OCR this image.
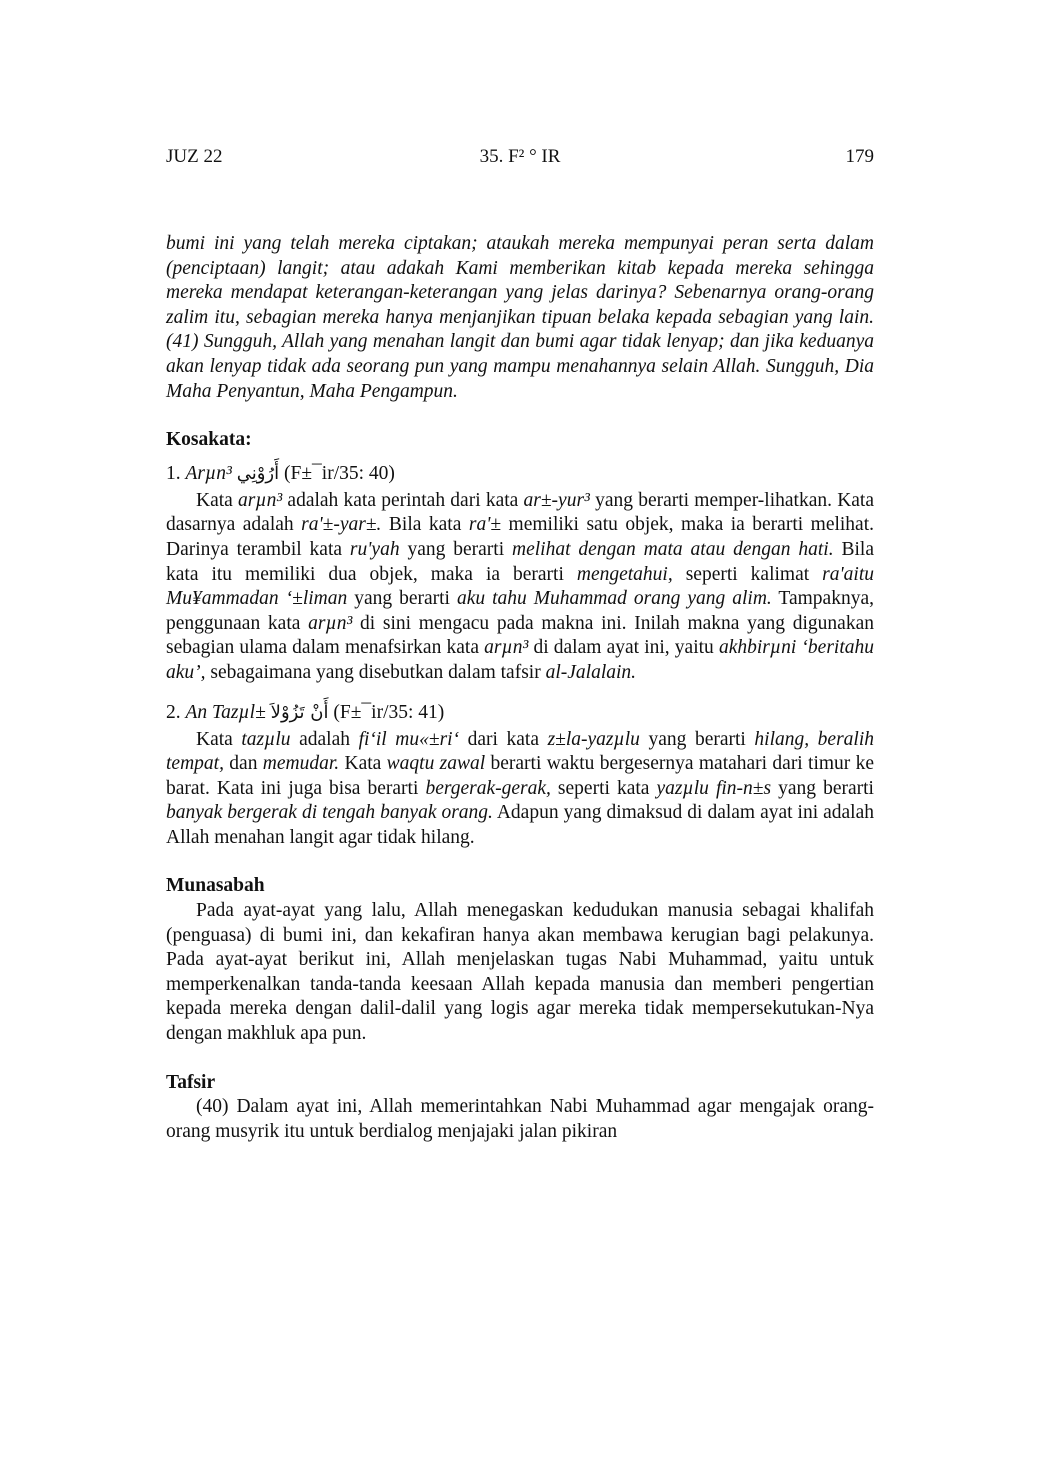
JUZ 22	35. F² ° IR	179

bumi ini yang telah mereka ciptakan; ataukah mereka mempunyai peran serta dalam (penciptaan) langit; atau adakah Kami memberikan kitab kepada mereka sehingga mereka mendapat keterangan-keterangan yang jelas darinya? Sebenarnya orang-orang zalim itu, sebagian mereka hanya menjanjikan tipuan belaka kepada sebagian yang lain. (41) Sungguh, Allah yang menahan langit dan bumi agar tidak lenyap; dan jika keduanya akan lenyap tidak ada seorang pun yang mampu menahannya selain Allah. Sungguh, Dia Maha Penyantun, Maha Pengampun.

Kosakata:

1. Arµn³ أَرُوْنِي (F±¯ir/35: 40)

Kata arµn³ adalah kata perintah dari kata ar±-yur³ yang berarti memper-lihatkan. Kata dasarnya adalah ra'±-yar±. Bila kata ra'± memiliki satu objek, maka ia berarti melihat. Darinya terambil kata ru'yah yang berarti melihat dengan mata atau dengan hati. Bila kata itu memiliki dua objek, maka ia berarti mengetahui, seperti kalimat ra'aitu Mu¥ammadan ‘±liman yang berarti aku tahu Muhammad orang yang alim. Tampaknya, penggunaan kata arµn³ di sini mengacu pada makna ini. Inilah makna yang digunakan sebagian ulama dalam menafsirkan kata arµn³ di dalam ayat ini, yaitu akhbirµni ‘beritahu aku’, sebagaimana yang disebutkan dalam tafsir al-Jalalain.

2. An Tazµl± أَنْ تَزُوْلاَ (F±¯ir/35: 41)

Kata tazµlu adalah fi‘il mu«±ri‘ dari kata z±la-yazµlu yang berarti hilang, beralih tempat, dan memudar. Kata waqtu zawal berarti waktu bergesernya matahari dari timur ke barat. Kata ini juga bisa berarti bergerak-gerak, seperti kata yazµlu fin-n±s yang berarti banyak bergerak di tengah banyak orang. Adapun yang dimaksud di dalam ayat ini adalah Allah menahan langit agar tidak hilang.

Munasabah

Pada ayat-ayat yang lalu, Allah menegaskan kedudukan manusia sebagai khalifah (penguasa) di bumi ini, dan kekafiran hanya akan membawa kerugian bagi pelakunya. Pada ayat-ayat berikut ini, Allah menjelaskan tugas Nabi Muhammad, yaitu untuk memperkenalkan tanda-tanda keesaan Allah kepada manusia dan memberi pengertian kepada mereka dengan dalil-dalil yang logis agar mereka tidak mempersekutukan-Nya dengan makhluk apa pun.

Tafsir

(40) Dalam ayat ini, Allah memerintahkan Nabi Muhammad agar mengajak orang-orang musyrik itu untuk berdialog menjajaki jalan pikiran
